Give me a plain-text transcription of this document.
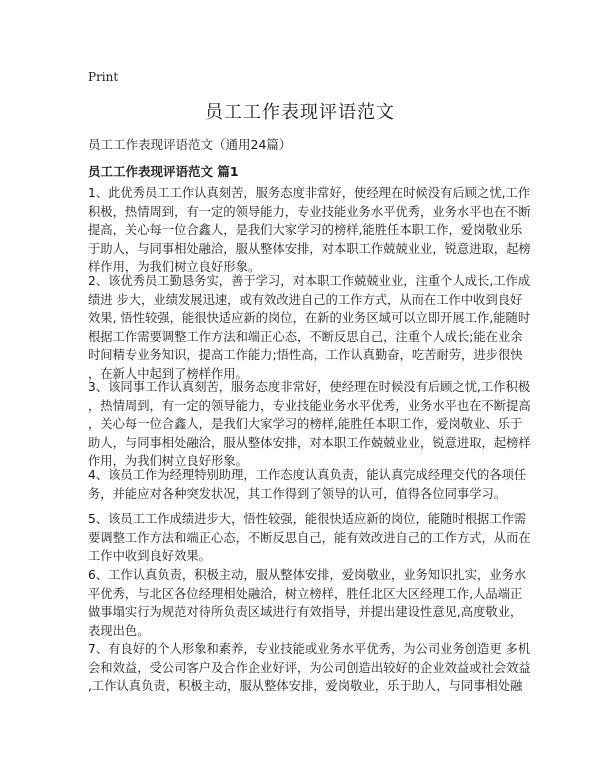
Print
员工工作表现评语范文
员工工作表现评语范文（通用24篇）
员工工作表现评语范文 篇1

1、此优秀员工工作认真刻苦，服务态度非常好，使经理在时候没有后顾之忧,工作
积极，热情周到，有一定的领导能力，专业技能业务水平优秀，业务水平也在不断
提高，关心每一位合鑫人，是我们大家学习的榜样,能胜任本职工作，爱岗敬业乐
于助人，与同事相处融洽，服从整体安排，对本职工作兢兢业业，锐意进取，起榜
样作用，为我们树立良好形象。

2、该优秀员工勤恳务实，善于学习，对本职工作兢兢业业，注重个人成长,工作成
绩进 步大，业绩发展迅速，或有效改进自己的工作方式，从而在工作中收到良好
效果, 悟性较强，能很快适应新的岗位，在新的业务区域可以立即开展工作,能随时
根据工作需要调整工作方法和端正心态，不断反思自己，注重个人成长;能在业余
时间精专业务知识，提高工作能力;悟性高，工作认真勤奋，吃苦耐劳，进步很快
，在新人中起到了榜样作用。

3、该同事工作认真刻苦，服务态度非常好，使经理在时候没有后顾之忧,工作积极
，热情周到，有一定的领导能力，专业技能业务水平优秀，业务水平也在不断提高
，关心每一位合鑫人，是我们大家学习的榜样,能胜任本职工作，爱岗敬业、乐于
助人，与同事相处融洽，服从整体安排，对本职工作兢兢业业，锐意进取，起榜样
作用，为我们树立良好形象。

4、该员工作为经理特别助理，工作态度认真负责，能认真完成经理交代的各项任
务，并能应对各种突发状况，其工作得到了领导的认可，值得各位同事学习。

5、该员工工作成绩进步大，悟性较强，能很快适应新的岗位，能随时根据工作需
要调整工作方法和端正心态，不断反思自己，能有效改进自己的工作方式，从而在
工作中收到良好效果。

6、工作认真负责，积极主动，服从整体安排，爱岗敬业，业务知识扎实，业务水
平优秀，与北区各位经理相处融洽，树立榜样，胜任北区大区经理工作,人品端正
做事塌实行为规范对待所负责区域进行有效指导，并提出建设性意见,高度敬业，
表现出色。

7、有良好的个人形象和素养，专业技能或业务水平优秀，为公司业务创造更 多机
会和效益，受公司客户及合作企业好评，为公司创造出较好的企业效益或社会效益
,工作认真负责，积极主动，服从整体安排，爱岗敬业，乐于助人，与同事相处融
